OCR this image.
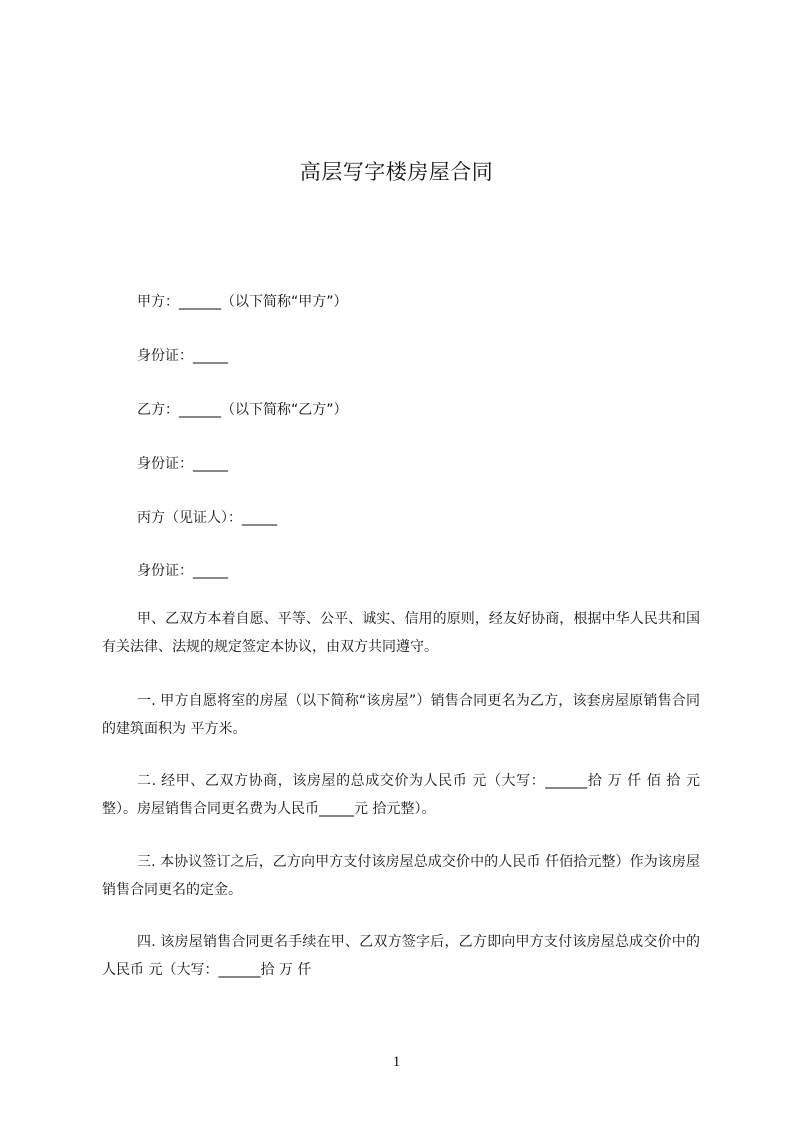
高层写字楼房屋合同
甲方：______（以下简称“甲方”）
身份证：_____
乙方：______（以下简称“乙方”）
身份证：_____
丙方（见证人）：_____
身份证：_____

甲、乙双方本着自愿、平等、公平、诚实、信用的原则，经友好协商，根据中华人民共和国有关法律、法规的规定签定本协议，由双方共同遵守。

一. 甲方自愿将室的房屋（以下简称“该房屋”）销售合同更名为乙方，该套房屋原销售合同的建筑面积为 平方米。

二. 经甲、乙双方协商，该房屋的总成交价为人民币 元（大写：______拾 万 仟 佰 拾 元整）。房屋销售合同更名费为人民币_____元 拾元整）。

三. 本协议签订之后，乙方向甲方支付该房屋总成交价中的人民币 仟佰拾元整）作为该房屋销售合同更名的定金。

四. 该房屋销售合同更名手续在甲、乙双方签字后，乙方即向甲方支付该房屋总成交价中的人民币 元（大写：______拾 万 仟

1
